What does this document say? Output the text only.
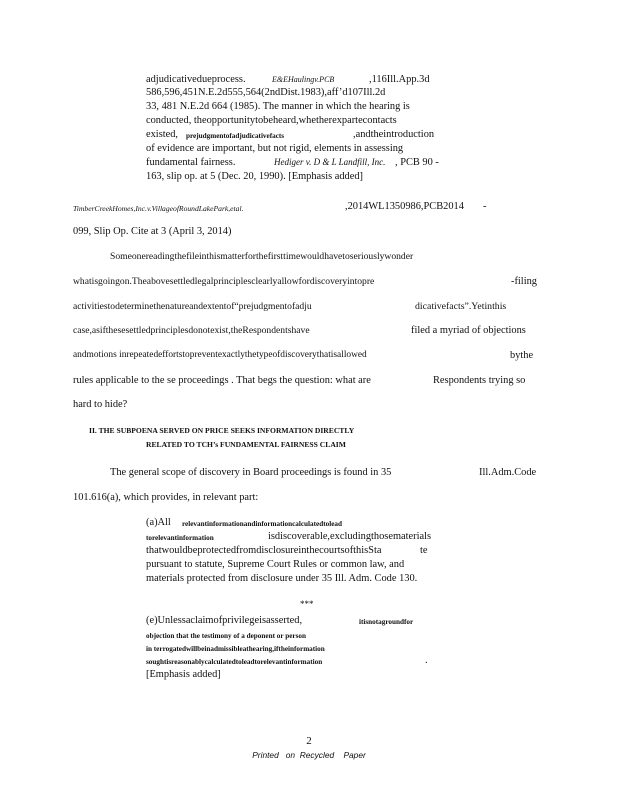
adjudicativedueprocess.	E&EHaulingv.PCB	,116Ill.App.3d
586,596,451N.E.2d555,564(2ndDist.1983),aff’d107Ill.2d
33, 481 N.E.2d 664 (1985). The manner in which the hearing is
conducted, theopportunitytobeheard,whetherexpartecontacts
existed, prejudgmentofadjudicativefacts	,andtheintroduction
of evidence are important, but not rigid, elements in assessing
fundamental fairness.	Hediger v. D & L Landfill, Inc. , PCB 90 -
163, slip op. at 5 (Dec. 20, 1990). [Emphasis added]
TimberCreekHomes,Inc.v.VillageofRoundLakePark,etal.	,2014WL1350986,PCB2014 -
099, Slip Op. Cite at 3 (April 3, 2014)
Someonereadingthefileinthismatterforthefirsttimewouldhavetoseriouslywonder
whatisgoingon.Theabovesettledlegalprinciplesclearlyallowfordiscoveryintopre	-filing
activitiestodeterminethenatureandextentof“prejudgmentofadju	dicativefacts”.Yetinthis
case,asifthesesettledprinciplesdonotexist,theRespondentshave	filed a myriad of objections
andmotions inrepeatedeffortstopreventexactlythetypeofdiscoverythatisallowed	bythe
rules applicable to the se proceedings . That begs the question: what are	Respondents trying so
hard to hide?
II. THE SUBPOENA SERVED ON PRICE SEEKS INFORMATION DIRECTLY
RELATED TO TCH’s FUNDAMENTAL FAIRNESS CLAIM
The general scope of discovery in Board proceedings is found in 35	Ill.Adm.Code
101.616(a), which provides, in relevant part:
(a)All relevantinformationandinformationcalculatedtolead
torelevantinformation	isdiscoverable,excludingthosematerials
thatwouldbeprotectedfromdisclosureinthecourtsofthisSta	te
pursuant to statute, Supreme Court Rules or common law, and
materials protected from disclosure under 35 Ill. Adm. Code 130.
***
(e)Unlessaclaimofprivilegeisasserted,	itisnotagroundfor
objection that the testimony of a deponent or person
in terrogatedwillbeinadmissibleathearing,iftheinformation
soughtisreasonablycalculatedtoleadtorelevantinformation	.
[Emphasis added]
2
Printed   on  Recycled    Paper
